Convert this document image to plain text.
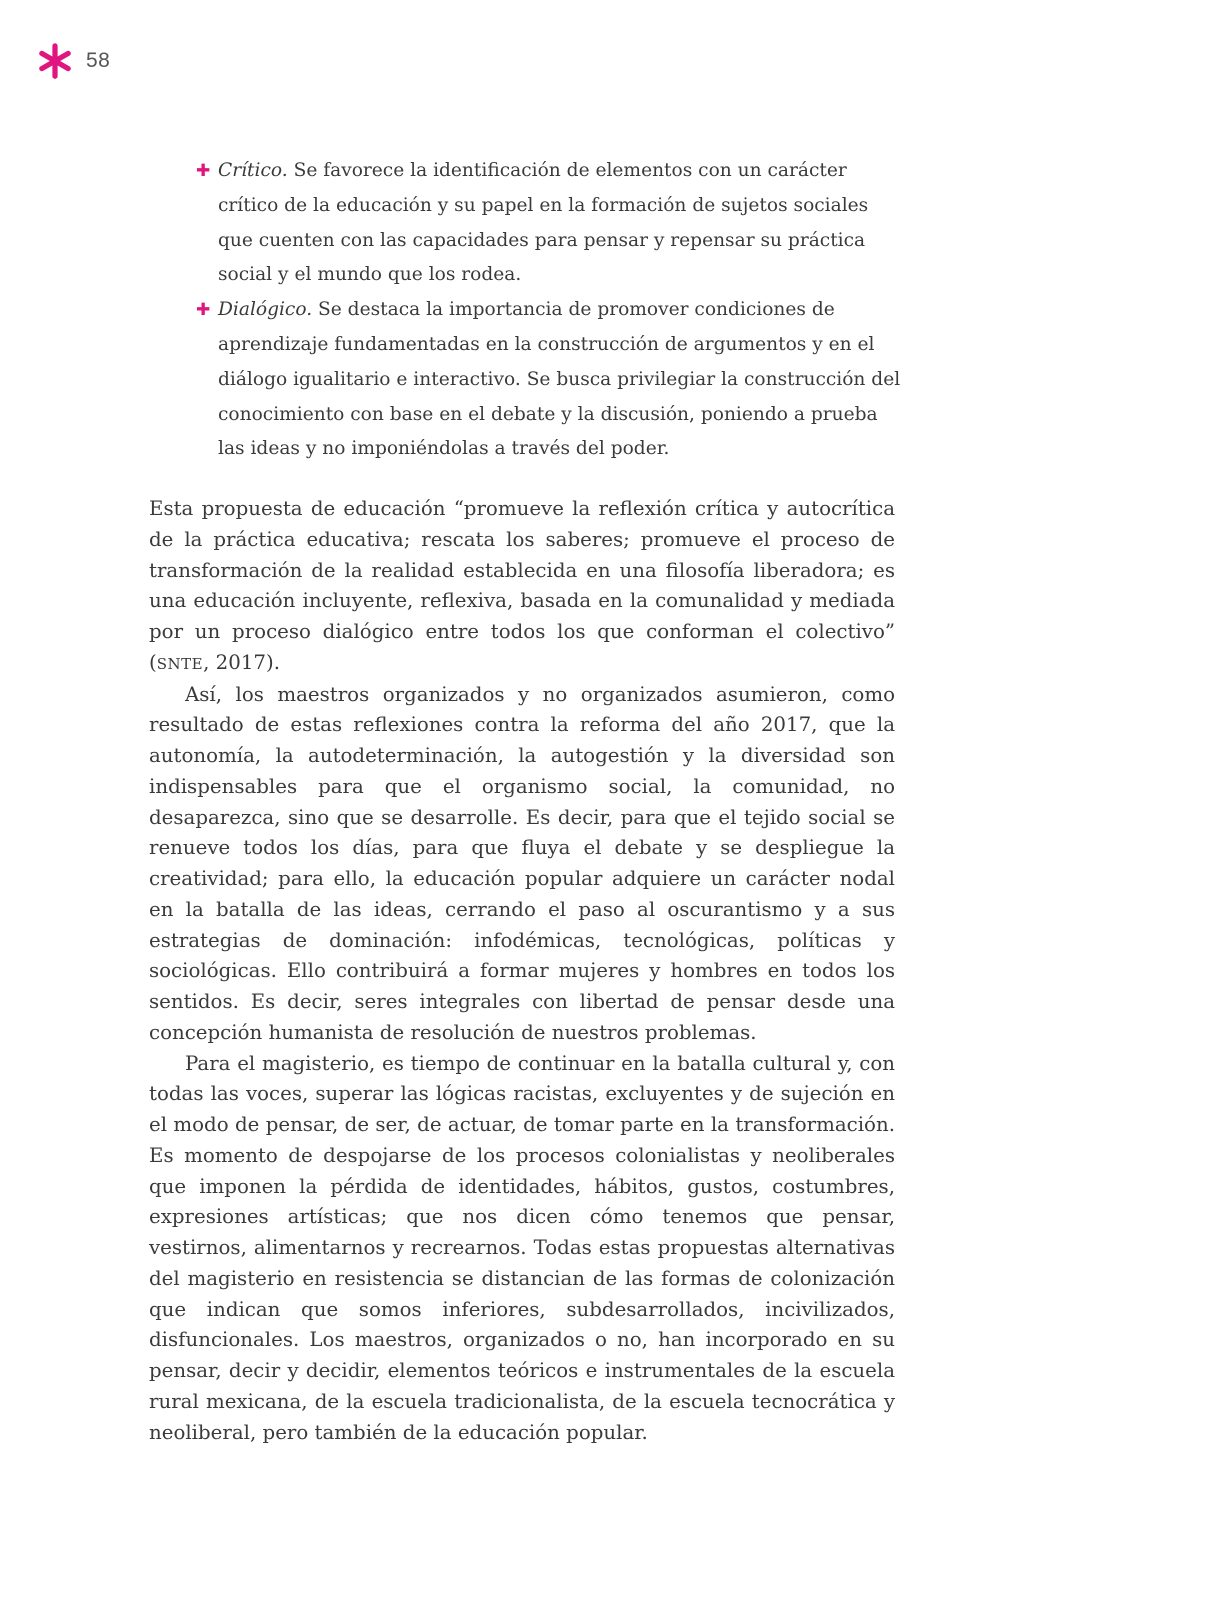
58
✚ Crítico. Se favorece la identificación de elementos con un carácter crítico de la educación y su papel en la formación de sujetos sociales que cuenten con las capacidades para pensar y repensar su práctica social y el mundo que los rodea.
✚ Dialógico. Se destaca la importancia de promover condiciones de aprendizaje fundamentadas en la construcción de argumentos y en el diálogo igualitario e interactivo. Se busca privilegiar la construcción del conocimiento con base en el debate y la discusión, poniendo a prueba las ideas y no imponiéndolas a través del poder.

Esta propuesta de educación “promueve la reflexión crítica y autocrítica de la práctica educativa; rescata los saberes; promueve el proceso de transformación de la realidad establecida en una filosofía liberadora; es una educación incluyente, reflexiva, basada en la comunalidad y mediada por un proceso dialógico entre todos los que conforman el colectivo” (SNTE, 2017).

Así, los maestros organizados y no organizados asumieron, como resultado de estas reflexiones contra la reforma del año 2017, que la autonomía, la autodeterminación, la autogestión y la diversidad son indispensables para que el organismo social, la comunidad, no desaparezca, sino que se desarrolle. Es decir, para que el tejido social se renueve todos los días, para que fluya el debate y se despliegue la creatividad; para ello, la educación popular adquiere un carácter nodal en la batalla de las ideas, cerrando el paso al oscurantismo y a sus estrategias de dominación: infodémicas, tecnológicas, políticas y sociológicas. Ello contribuirá a formar mujeres y hombres en todos los sentidos. Es decir, seres integrales con libertad de pensar desde una concepción humanista de resolución de nuestros problemas.

Para el magisterio, es tiempo de continuar en la batalla cultural y, con todas las voces, superar las lógicas racistas, excluyentes y de sujeción en el modo de pensar, de ser, de actuar, de tomar parte en la transformación. Es momento de despojarse de los procesos colonialistas y neoliberales que imponen la pérdida de identidades, hábitos, gustos, costumbres, expresiones artísticas; que nos dicen cómo tenemos que pensar, vestirnos, alimentarnos y recrearnos. Todas estas propuestas alternativas del magisterio en resistencia se distancian de las formas de colonización que indican que somos inferiores, subdesarrollados, incivilizados, disfuncionales. Los maestros, organizados o no, han incorporado en su pensar, decir y decidir, elementos teóricos e instrumentales de la escuela rural mexicana, de la escuela tradicionalista, de la escuela tecnocrática y neoliberal, pero también de la educación popular.
